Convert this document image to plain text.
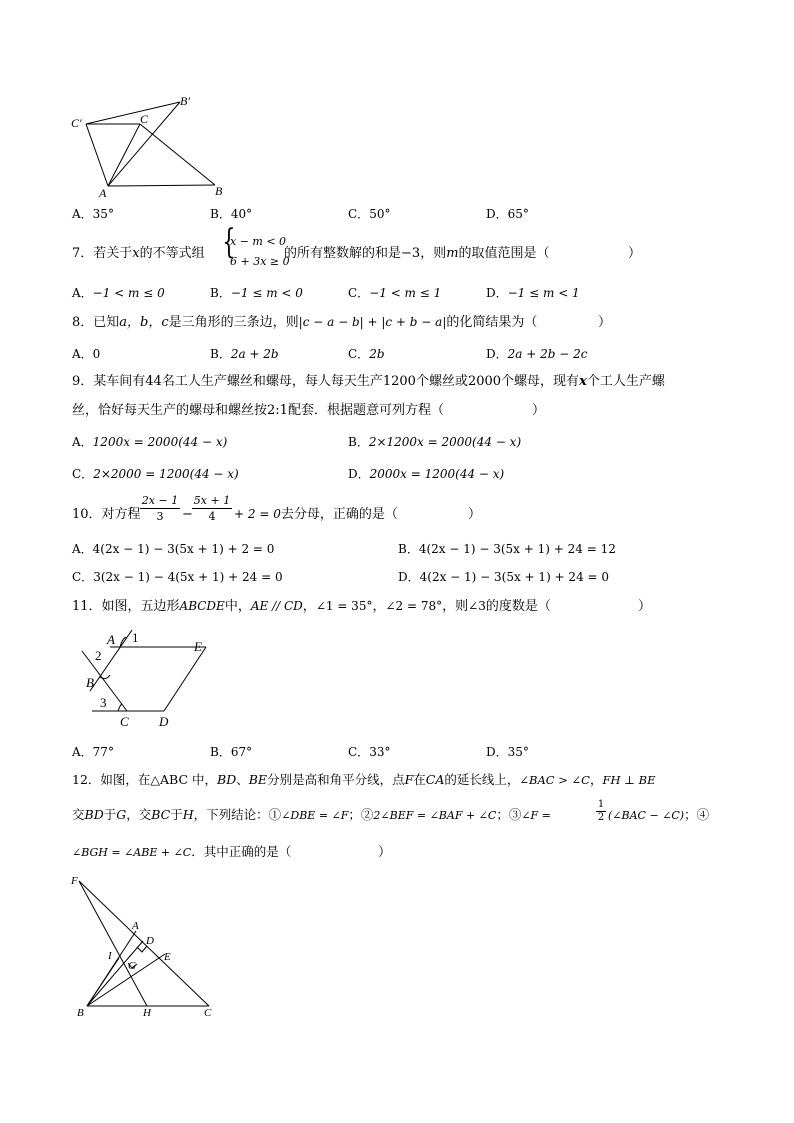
C′	C
B′
A	B
A．35°	B．40°	C．50°	D．65°
7．若关于x的不等式组 {
x − m < 0
6 + 3x ≥ 0
的所有整数解的和是−3，则m的取值范围是（	）
A．−1 < m ≤ 0	B．−1 ≤ m < 0	C．−1 < m ≤ 1	D．−1 ≤ m < 1
8．已知a，b，c是三角形的三条边，则|c − a − b| + |c + b − a|的化简结果为（	）
A．0	B．2a + 2b	C．2b	D．2a + 2b − 2c
9．某车间有44名工人生产螺丝和螺母，每人每天生产1200个螺丝或2000个螺母，现有x个工人生产螺
丝，恰好每天生产的螺母和螺丝按2:1配套．根据题意可列方程（	）
A．1200x = 2000(44 − x)	B．2×1200x = 2000(44 − x)
C．2×2000 = 1200(44 − x)	D．2000x = 1200(44 − x)
10．对方程
2x − 1
3	−
5x + 1
4	+ 2 = 0去分母，正确的是（	）
A．4(2x − 1) − 3(5x + 1) + 2 = 0	B．4(2x − 1) − 3(5x + 1) + 24 = 12
C．3(2x − 1) − 4(5x + 1) + 24 = 0	D．4(2x − 1) − 3(5x + 1) + 24 = 0
11．如图，五边形ABCDE中，AE // CD，∠1 = 35°，∠2 = 78°，则∠3的度数是（	）
A 1
E
2
B
3
C D
A．77°	B．67°	C．33°	D．35°
12．如图，在△ABC 中，BD、BE分别是高和角平分线，点F在CA的延长线上，∠BAC > ∠C，FH ⊥ BE
交BD于G，交BC于H，下列结论：①∠DBE = ∠F；②2∠BEF = ∠BAF + ∠C；③∠F =
1
2 (∠BAC − ∠C)；④
∠BGH = ∠ABE + ∠C．其中正确的是（	）
F
A
D
I	E
G
B	H	C
